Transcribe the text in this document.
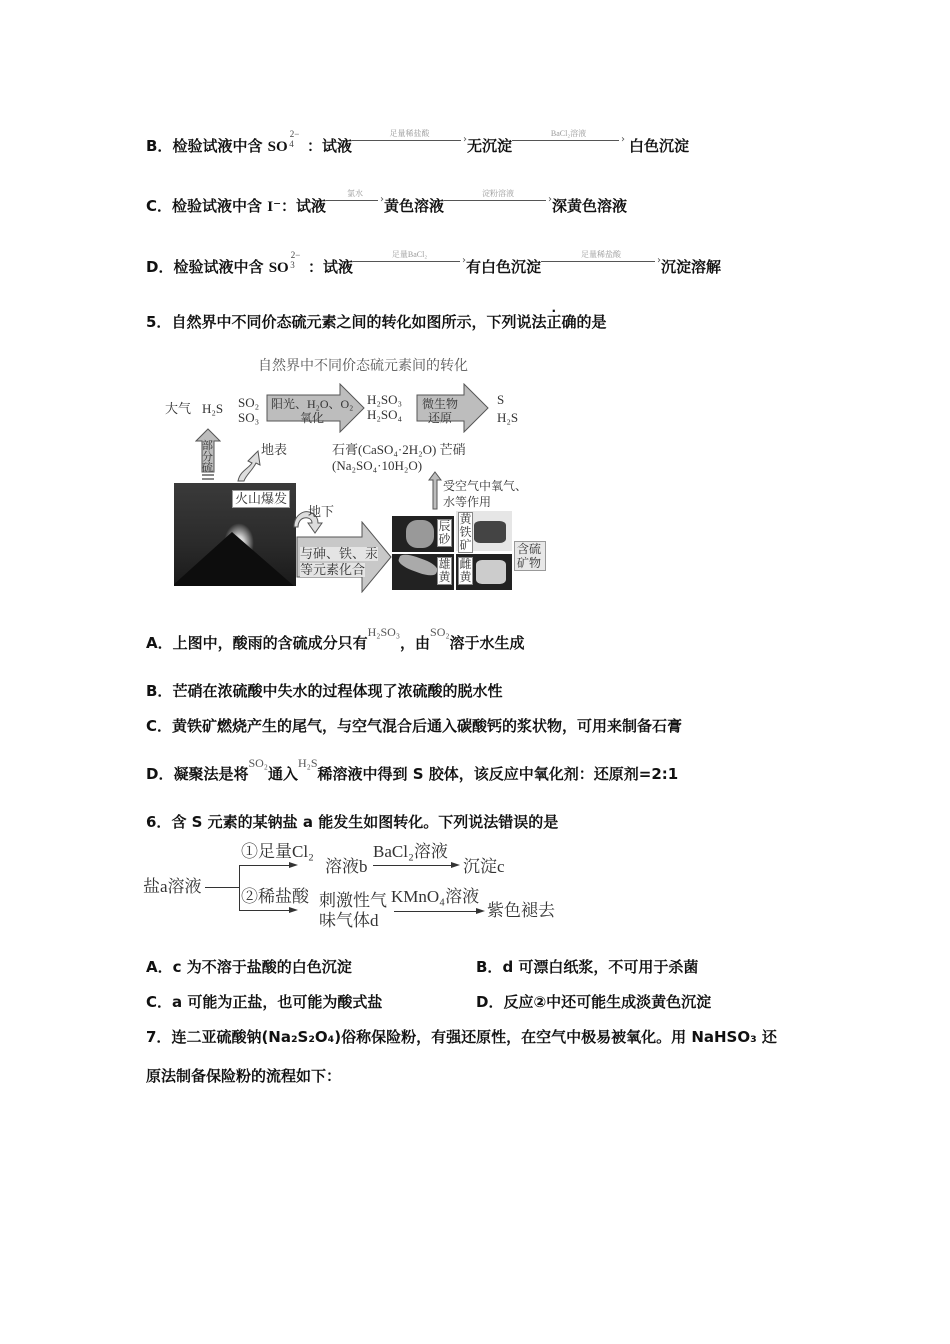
B．检验试液中含 $SO^{2-4}$ ：试液
足量稀盐酸
› 无沉淀
BaCl₂溶液
› 白色沉淀
C．检验试液中含 I⁻：试液
氯水
› 黄色溶液
淀粉溶液
› 深黄色溶液
D．检验试液中含 $SO^{2-3}$ ：试液
足量BaCl₂
› 有白色沉淀
足量稀盐酸
› 沉淀溶解
5．自然界中不同价态硫元素之间的转化如图所示，下列说法正确的是
自然界中不同价态硫元素间的转化
大气 H₂S SO₂
SO₃
阳光、H₂O、O₂
氧化
H₂SO₃
H₂SO₄
微生物
还原
S
H₂S
部分硫
地表	石膏(CaSO₄·2H₂O) 芒硝
(Na₂SO₄·10H₂O)
受空气中氧气、
水等作用
火山爆发
地下
与砷、铁、汞
等元素化合
辰砂
黄铁矿
雄黄
雌黄
含硫矿物
A．上图中，酸雨的含硫成分只有$^{H_2SO_3}$，由$^{SO_2}$溶于水生成
B．芒硝在浓硫酸中失水的过程体现了浓硫酸的脱水性
C．黄铁矿燃烧产生的尾气，与空气混合后通入碳酸钙的浆状物，可用来制备石膏
D．凝聚法是将$^{SO_2}$通入$^{H_2S}$稀溶液中得到 S 胶体，该反应中氧化剂：还原剂=2:1
6．含 S 元素的某钠盐 a 能发生如图转化。下列说法错误的是
盐a溶液
①足量Cl₂
溶液b
BaCl₂溶液
沉淀c
②稀盐酸 刺激性气
味气体d
KMnO₄溶液
紫色褪去
A．c 为不溶于盐酸的白色沉淀	B．d 可漂白纸浆，不可用于杀菌
C．a 可能为正盐，也可能为酸式盐	D．反应②中还可能生成淡黄色沉淀
7．连二亚硫酸钠(Na₂S₂O₄)俗称保险粉，有强还原性，在空气中极易被氧化。用 NaHSO₃ 还
原法制备保险粉的流程如下：
